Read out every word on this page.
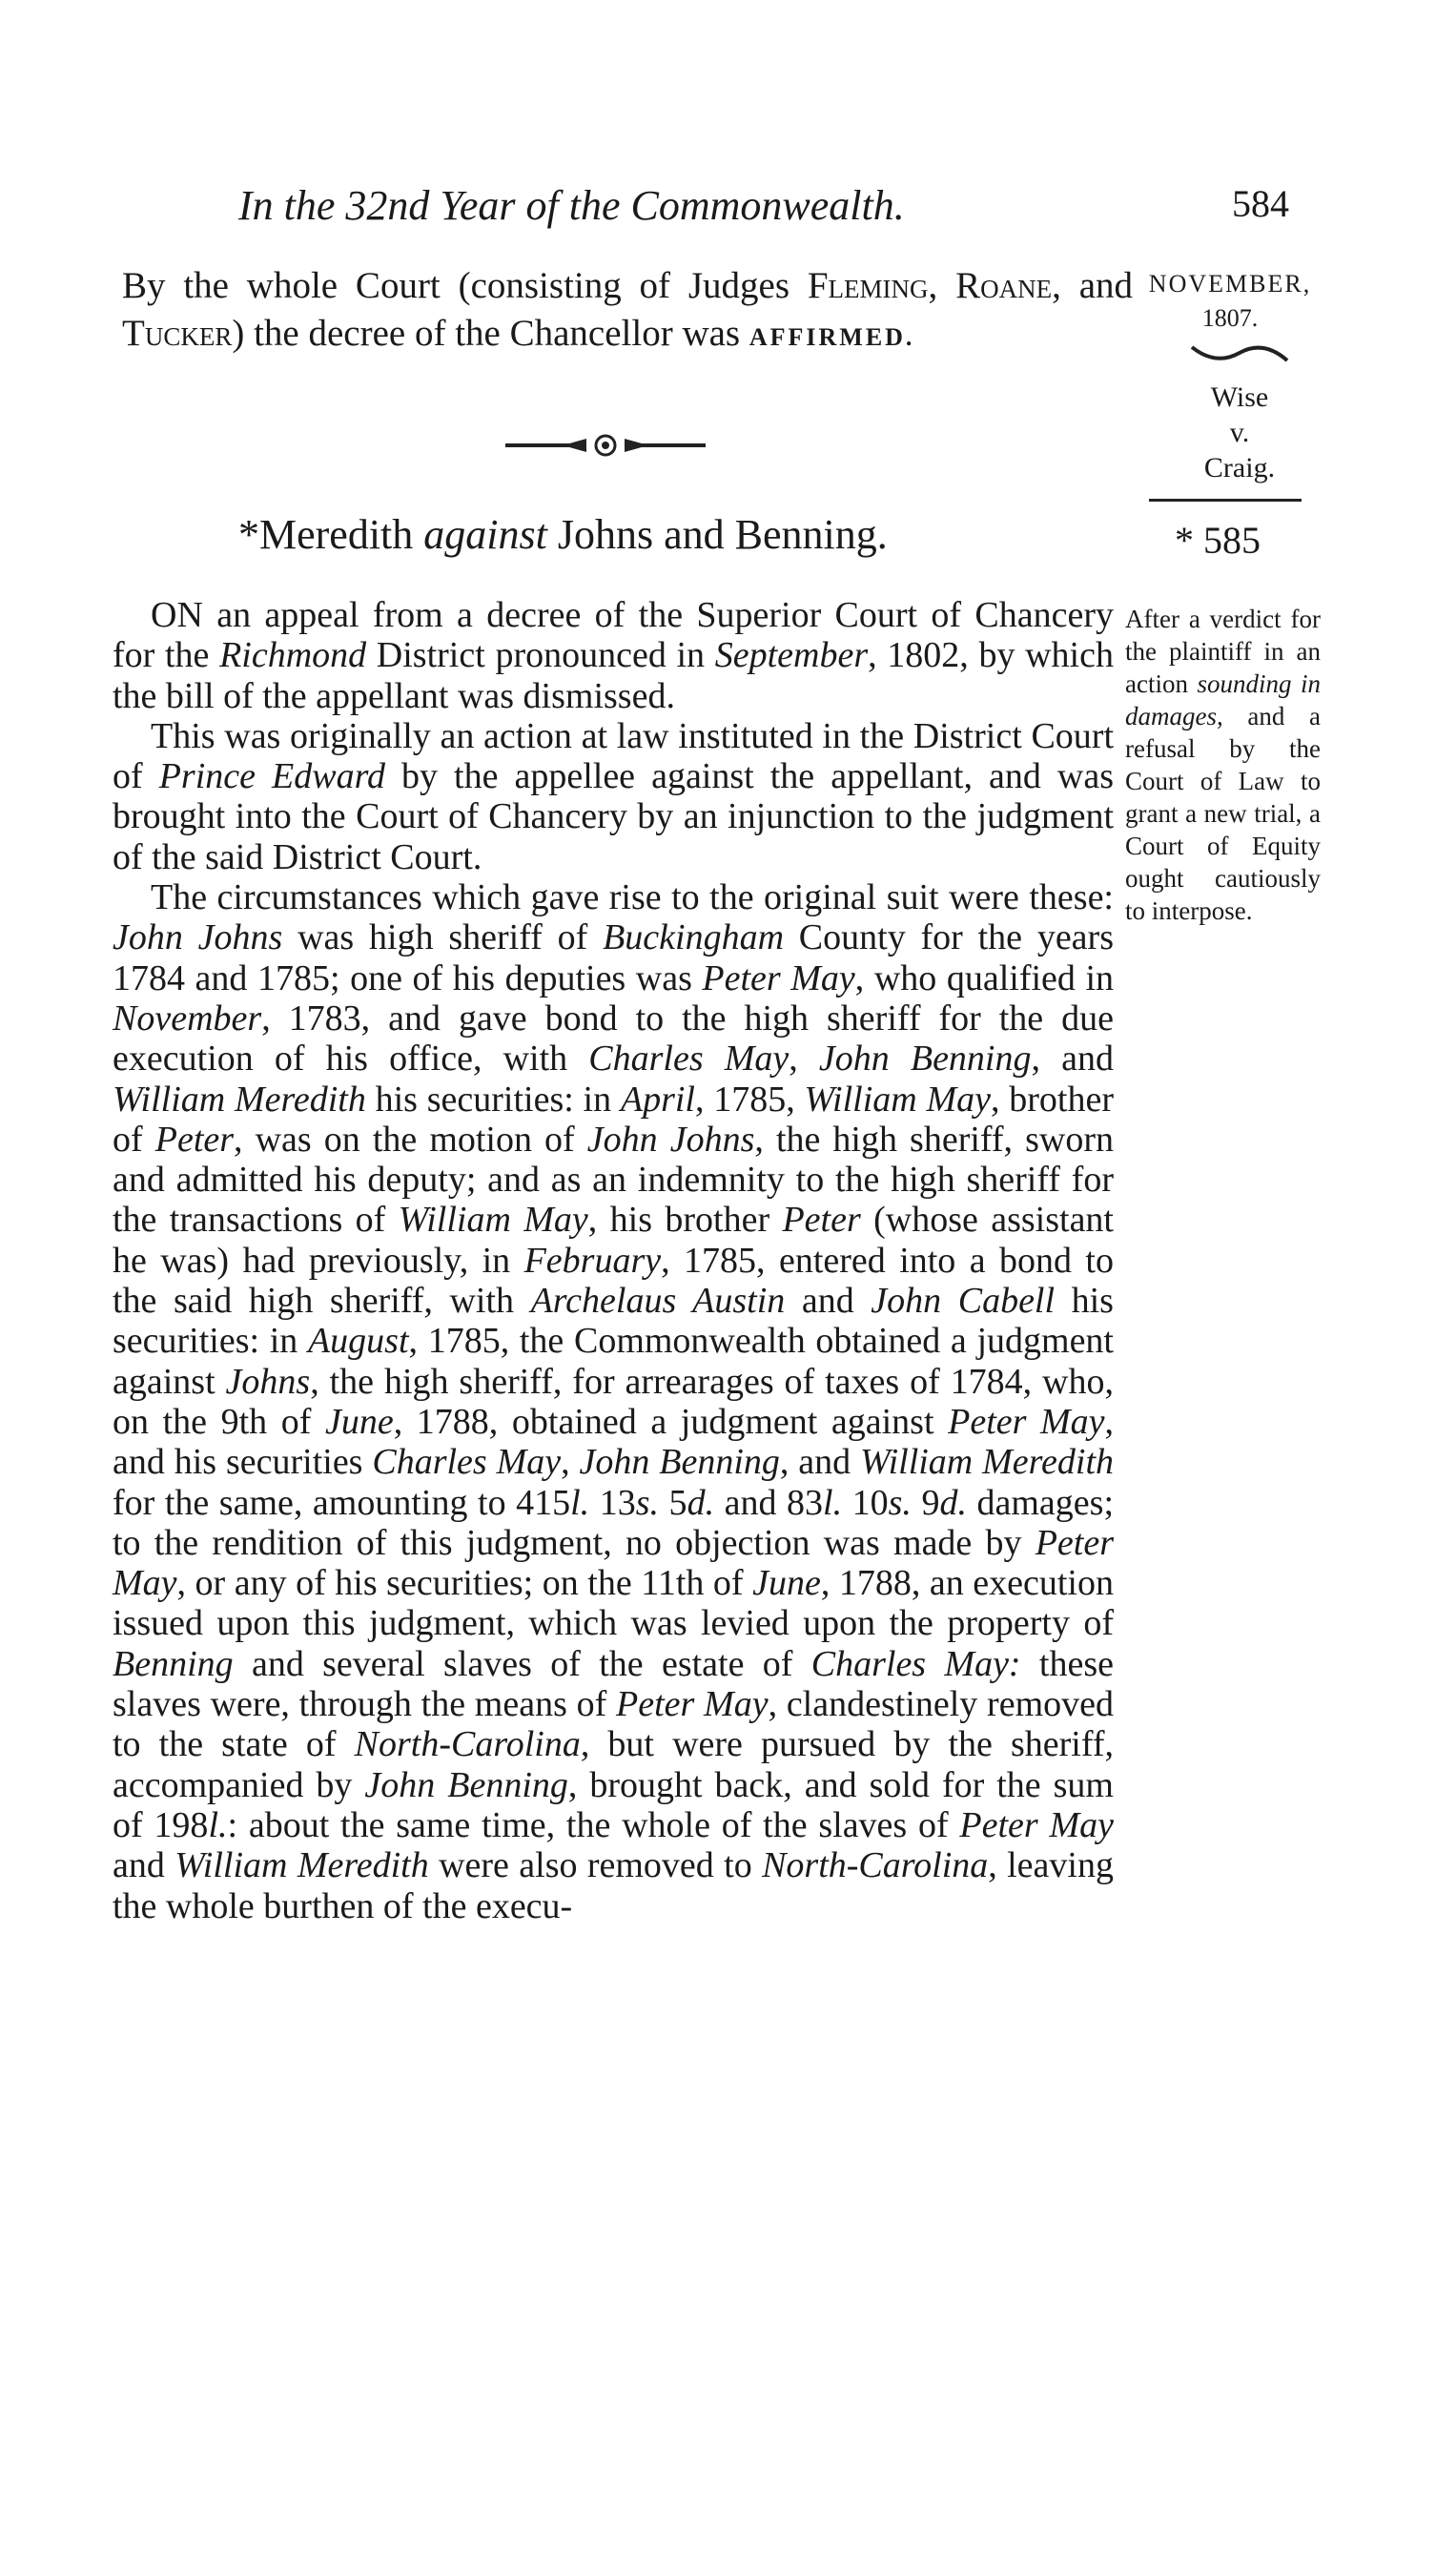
In the 32nd Year of the Commonwealth.	584
By the whole Court (consisting of Judges Fleming, Roane, and Tucker) the decree of the Chancellor was AFFIRMED.
*Meredith against Johns and Benning.
NOVEMBER,
1807.
Wise
v.
Craig.
* 585
After a verdict for the plaintiff in an action sounding in damages, and a refusal by the Court of Law to grant a new trial, a Court of Equity ought cautiously to interpose.

ON an appeal from a decree of the Superior Court of Chancery for the Richmond District pronounced in September, 1802, by which the bill of the appellant was dismissed.

This was originally an action at law instituted in the District Court of Prince Edward by the appellee against the appellant, and was brought into the Court of Chancery by an injunction to the judgment of the said District Court.

The circumstances which gave rise to the original suit were these: John Johns was high sheriff of Buckingham County for the years 1784 and 1785; one of his deputies was Peter May, who qualified in November, 1783, and gave bond to the high sheriff for the due execution of his office, with Charles May, John Benning, and William Meredith his securities: in April, 1785, William May, brother of Peter, was on the motion of John Johns, the high sheriff, sworn and admitted his deputy; and as an indemnity to the high sheriff for the transactions of William May, his brother Peter (whose assistant he was) had previously, in February, 1785, entered into a bond to the said high sheriff, with Archelaus Austin and John Cabell his securities: in August, 1785, the Commonwealth obtained a judgment against Johns, the high sheriff, for arrearages of taxes of 1784, who, on the 9th of June, 1788, obtained a judgment against Peter May, and his securities Charles May, John Benning, and William Meredith for the same, amounting to 415l. 13s. 5d. and 83l. 10s. 9d. damages; to the rendition of this judgment, no objection was made by Peter May, or any of his securities; on the 11th of June, 1788, an execution issued upon this judgment, which was levied upon the property of Benning and several slaves of the estate of Charles May: these slaves were, through the means of Peter May, clandestinely removed to the state of North-Carolina, but were pursued by the sheriff, accompanied by John Benning, brought back, and sold for the sum of 198l.: about the same time, the whole of the slaves of Peter May and William Meredith were also removed to North-Carolina, leaving the whole burthen of the execu-
